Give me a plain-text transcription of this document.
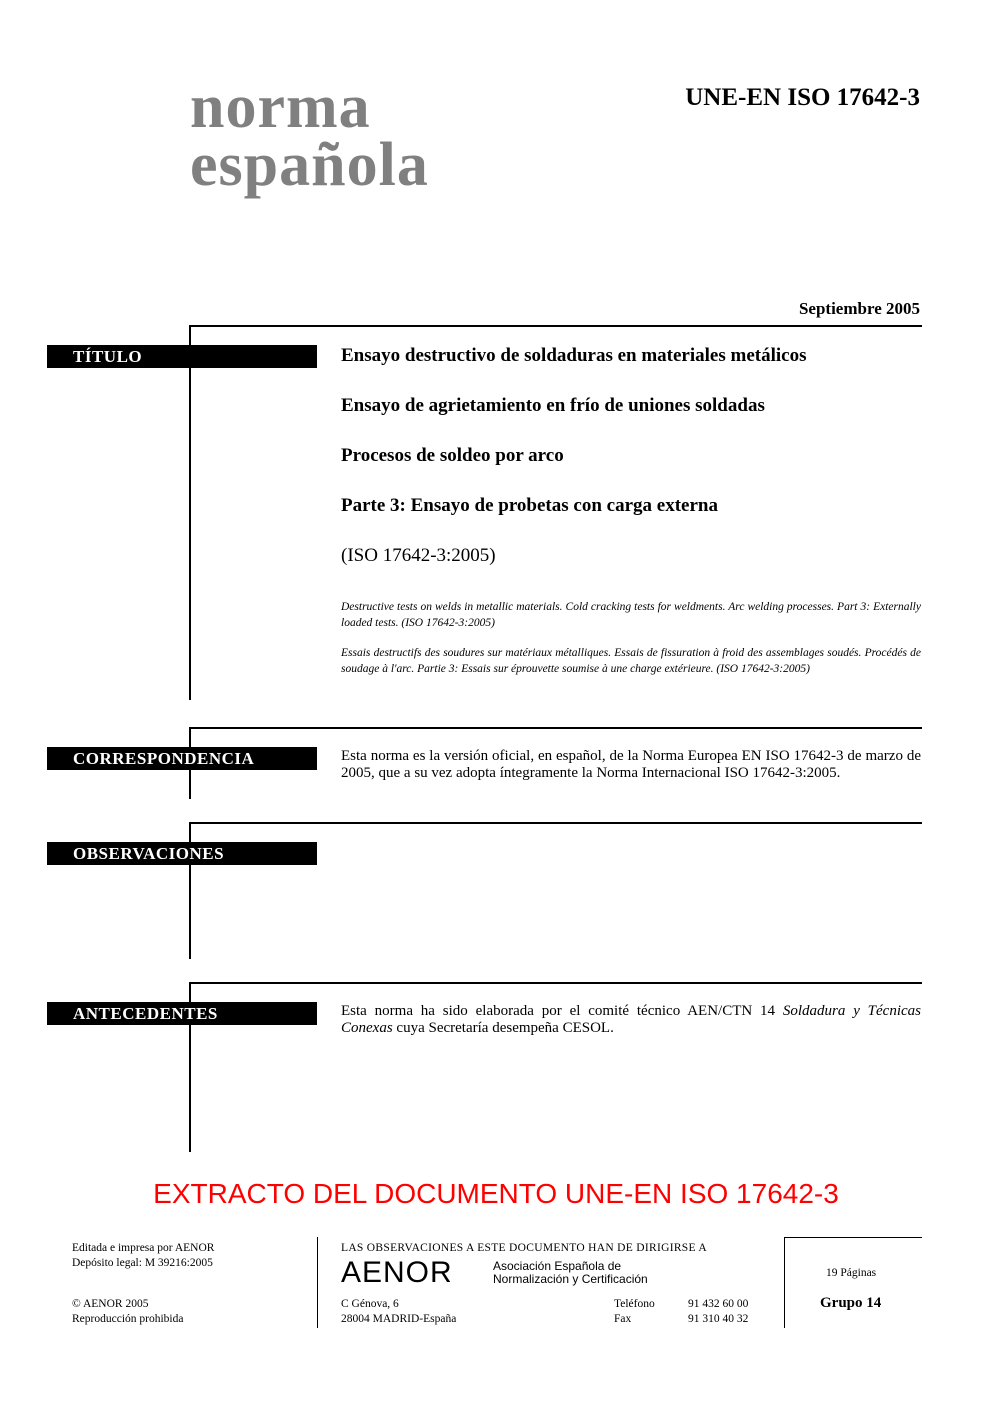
norma
española
UNE-EN ISO 17642-3
Septiembre 2005
TÍTULO
CORRESPONDENCIA
OBSERVACIONES
ANTECEDENTES
Ensayo destructivo de soldaduras en materiales metálicos
Ensayo de agrietamiento en frío de uniones soldadas
Procesos de soldeo por arco
Parte 3: Ensayo de probetas con carga externa
(ISO 17642-3:2005)
Destructive tests on welds in metallic materials. Cold cracking tests for weldments. Arc welding processes. Part 3: Externally loaded tests. (ISO 17642-3:2005)
Essais destructifs des soudures sur matériaux métalliques. Essais de fissuration à froid des assemblages soudés. Procédés de soudage à l'arc. Partie 3: Essais sur éprouvette soumise à une charge extérieure. (ISO 17642-3:2005)
Esta norma es la versión oficial, en español, de la Norma Europea EN ISO 17642-3 de marzo de 2005, que a su vez adopta íntegramente la Norma Internacional ISO 17642-3:2005.
Esta norma ha sido elaborada por el comité técnico AEN/CTN 14 Soldadura y Técnicas Conexas cuya Secretaría desempeña CESOL.
EXTRACTO DEL DOCUMENTO UNE-EN ISO 17642-3
Editada e impresa por AENOR
Depósito legal: M 39216:2005
© AENOR 2005
Reproducción prohibida
LAS OBSERVACIONES A ESTE DOCUMENTO HAN DE DIRIGIRSE A
AENOR	Asociación Española de
Normalización y Certificación
C Génova, 6
28004 MADRID-España
Teléfono
Fax
91 432 60 00
91 310 40 32
19 Páginas
Grupo 14
